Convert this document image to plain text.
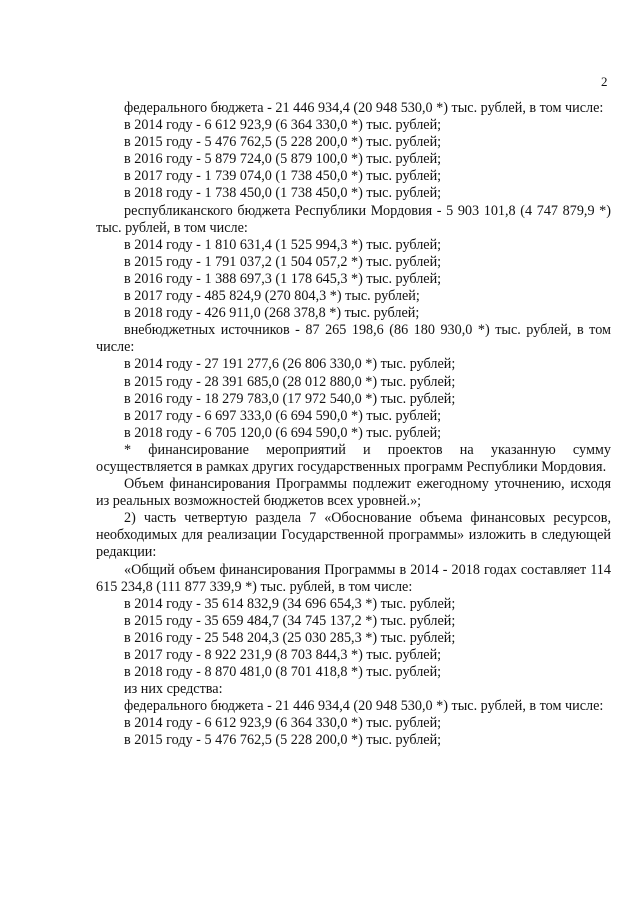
2

федерального бюджета - 21 446 934,4 (20 948 530,0 *) тыс. рублей, в том числе:

в 2014 году - 6 612 923,9 (6 364 330,0 *) тыс. рублей;
в 2015 году - 5 476 762,5 (5 228 200,0 *) тыс. рублей;
в 2016 году - 5 879 724,0 (5 879 100,0 *) тыс. рублей;
в 2017 году - 1 739 074,0 (1 738 450,0 *) тыс. рублей;
в 2018 году - 1 738 450,0 (1 738 450,0 *) тыс. рублей;

республиканского бюджета Республики Мордовия - 5 903 101,8 (4 747 879,9 *) тыс. рублей, в том числе:

в 2014 году - 1 810 631,4 (1 525 994,3 *) тыс. рублей;
в 2015 году - 1 791 037,2 (1 504 057,2 *) тыс. рублей;
в 2016 году - 1 388 697,3 (1 178 645,3 *) тыс. рублей;
в 2017 году - 485 824,9 (270 804,3 *) тыс. рублей;
в 2018 году - 426 911,0 (268 378,8 *) тыс. рублей;

внебюджетных источников - 87 265 198,6 (86 180 930,0 *) тыс. рублей, в том числе:

в 2014 году - 27 191 277,6 (26 806 330,0 *) тыс. рублей;
в 2015 году - 28 391 685,0 (28 012 880,0 *) тыс. рублей;
в 2016 году - 18 279 783,0 (17 972 540,0 *) тыс. рублей;
в 2017 году - 6 697 333,0 (6 694 590,0 *) тыс. рублей;
в 2018 году - 6 705 120,0 (6 694 590,0 *) тыс. рублей;

* финансирование мероприятий и проектов на указанную сумму осуществляется в рамках других государственных программ Республики Мордовия.

Объем финансирования Программы подлежит ежегодному уточнению, исходя из реальных возможностей бюджетов всех уровней.»;

2) часть четвертую раздела 7 «Обоснование объема финансовых ресурсов, необходимых для реализации Государственной программы» изложить в следующей редакции:

«Общий объем финансирования Программы в 2014 - 2018 годах составляет 114 615 234,8 (111 877 339,9 *) тыс. рублей, в том числе:

в 2014 году - 35 614 832,9 (34 696 654,3 *) тыс. рублей;
в 2015 году - 35 659 484,7 (34 745 137,2 *) тыс. рублей;
в 2016 году - 25 548 204,3 (25 030 285,3 *) тыс. рублей;
в 2017 году - 8 922 231,9 (8 703 844,3 *) тыс. рублей;
в 2018 году - 8 870 481,0 (8 701 418,8 *) тыс. рублей;
из них средства:

федерального бюджета - 21 446 934,4 (20 948 530,0 *) тыс. рублей, в том числе:

в 2014 году - 6 612 923,9 (6 364 330,0 *) тыс. рублей;
в 2015 году - 5 476 762,5 (5 228 200,0 *) тыс. рублей;
